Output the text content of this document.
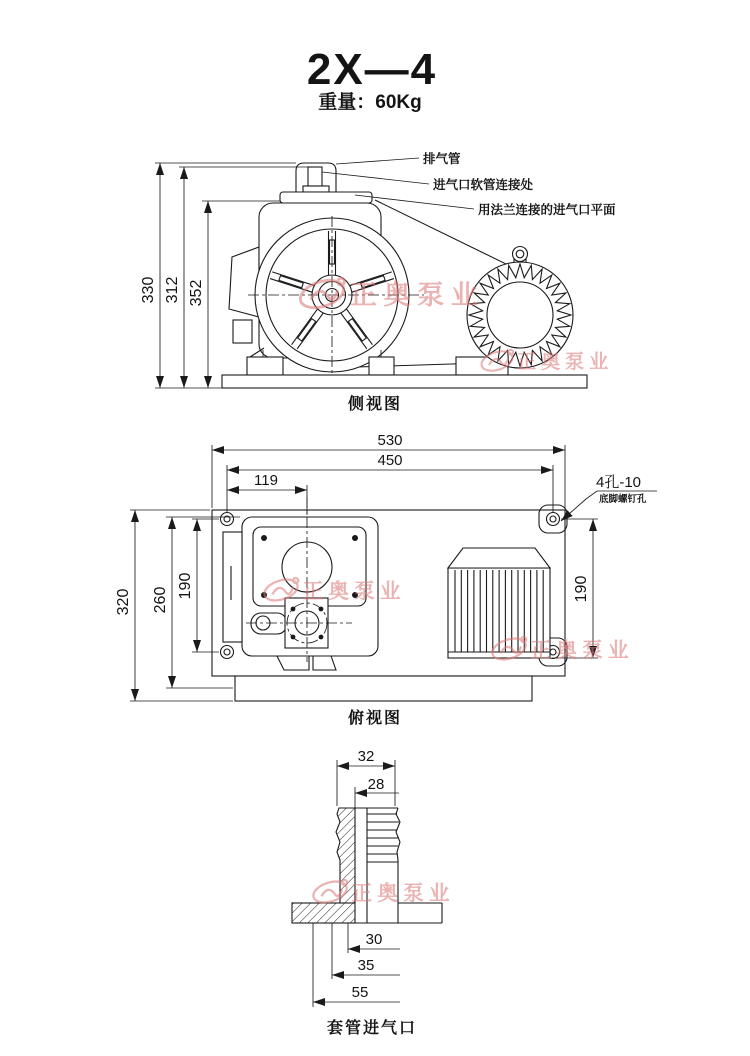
2X—4
重量：60Kg
330 312 352
排气管
进气口软管连接处
用法兰连接的进气口平面
侧视图
530
450
119
320 260
190	190
4孔-10
底脚螺钉孔
俯视图
32
28
30
35
55
套管进气口
正奥泵业
正奥泵业
正奥泵业
正奥泵业
正奥泵业
